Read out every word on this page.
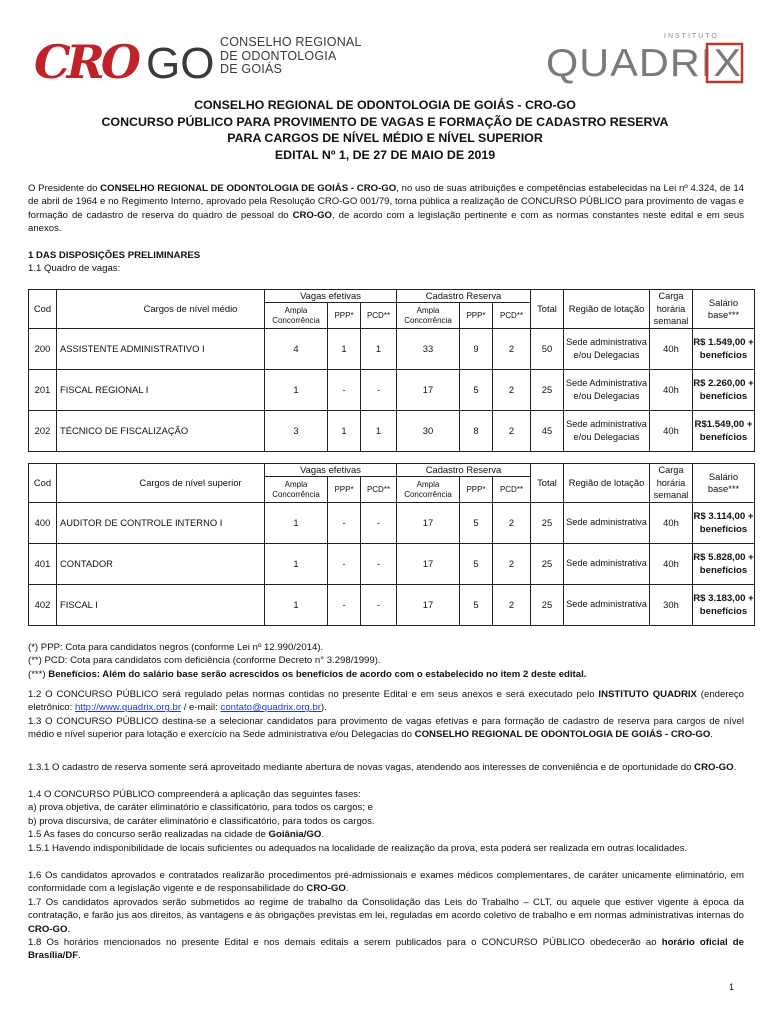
CRO GO CONSELHO REGIONAL
DE ODONTOLOGIA
DE GOIÁS
INSTITUTO
QUADRIX
CONSELHO REGIONAL DE ODONTOLOGIA DE GOIÁS - CRO-GO
CONCURSO PÚBLICO PARA PROVIMENTO DE VAGAS E FORMAÇÃO DE CADASTRO RESERVA
PARA CARGOS DE NÍVEL MÉDIO E NÍVEL SUPERIOR
EDITAL Nº 1, DE 27 DE MAIO DE 2019
O Presidente do CONSELHO REGIONAL DE ODONTOLOGIA DE GOIÁS - CRO-GO, no uso de suas atribuições e competências estabelecidas na Lei nº 4.324, de 14 de abril de 1964 e no Regimento Interno, aprovado pela Resolução CRO-GO 001/79, torna pública a realização de CONCURSO PÚBLICO para provimento de vagas e formação de cadastro de reserva do quadro de pessoal do CRO-GO, de acordo com a legislação pertinente e com as normas constantes neste edital e em seus anexos.
1 DAS DISPOSIÇÕES PRELIMINARES
1.1 Quadro de vagas:
Cod	Cargos de nível médio	Vagas efetivas			Cadastro Reserva			Total	Região de lotação	Carga horária semanal	Salário base***
		Ampla Concorrência	PPP*	PCD**	Ampla Concorrência	PPP*	PCD**				
200	ASSISTENTE ADMINISTRATIVO I	4	1	1	33	9	2	50	Sede administrativa e/ou Delegacias	40h	R$ 1.549,00 + benefícios
201	FISCAL REGIONAL I	1	-	-	17	5	2	25	Sede Administrativa e/ou Delegacias	40h	R$ 2.260,00 + benefícios
202	TÉCNICO DE FISCALIZAÇÃO	3	1	1	30	8	2	45	Sede administrativa e/ou Delegacias	40h	R$1.549,00 + benefícios
Cod	Cargos de nível superior	Vagas efetivas			Cadastro Reserva			Total	Região de lotação	Carga horária semanal	Salário base***
		Ampla Concorrência	PPP*	PCD**	Ampla Concorrência	PPP*	PCD**				
400	AUDITOR DE CONTROLE INTERNO I	1	-	-	17	5	2	25	Sede administrativa	40h	R$ 3.114,00 + benefícios
401	CONTADOR	1	-	-	17	5	2	25	Sede administrativa	40h	R$ 5.828,00 + benefícios
402	FISCAL I	1	-	-	17	5	2	25	Sede administrativa	30h	R$ 3.183,00 + benefícios
(*) PPP: Cota para candidatos negros (conforme Lei nº 12.990/2014).
(**) PCD: Cota para candidatos com deficiência (conforme Decreto n° 3.298/1999).
(***) Benefícios: Além do salário base serão acrescidos os benefícios de acordo com o estabelecido no item 2 deste edital.
1.2 O CONCURSO PÚBLICO será regulado pelas normas contidas no presente Edital e em seus anexos e será executado pelo INSTITUTO QUADRIX (endereço eletrônico: http://www.quadrix.org.br / e-mail: contato@quadrix.org.br).
1.3 O CONCURSO PÚBLICO destina-se a selecionar candidatos para provimento de vagas efetivas e para formação de cadastro de reserva para cargos de nível médio e nível superior para lotação e exercício na Sede administrativa e/ou Delegacias do CONSELHO REGIONAL DE ODONTOLOGIA DE GOIÁS - CRO-GO.
1.3.1 O cadastro de reserva somente será aproveitado mediante abertura de novas vagas, atendendo aos interesses de conveniência e de oportunidade do CRO-GO.
1.4 O CONCURSO PÚBLICO compreenderá a aplicação das seguintes fases:
a) prova objetiva, de caráter eliminatório e classificatório, para todos os cargos; e
b) prova discursiva, de caráter eliminatório e classificatório, para todos os cargos.
1.5 As fases do concurso serão realizadas na cidade de Goiânia/GO.
1.5.1 Havendo indisponibilidade de locais suficientes ou adequados na localidade de realização da prova, esta poderá ser realizada em outras localidades.
1.6 Os candidatos aprovados e contratados realizarão procedimentos pré-admissionais e exames médicos complementares, de caráter unicamente eliminatório, em conformidade com a legislação vigente e de responsabilidade do CRO-GO.
1.7 Os candidatos aprovados serão submetidos ao regime de trabalho da Consolidação das Leis do Trabalho – CLT, ou aquele que estiver vigente à época da contratação, e farão jus aos direitos, às vantagens e às obrigações previstas em lei, reguladas em acordo coletivo de trabalho e em normas administrativas internas do CRO-GO.
1.8 Os horários mencionados no presente Edital e nos demais editais a serem publicados para o CONCURSO PÚBLICO obedecerão ao horário oficial de Brasília/DF.
1
